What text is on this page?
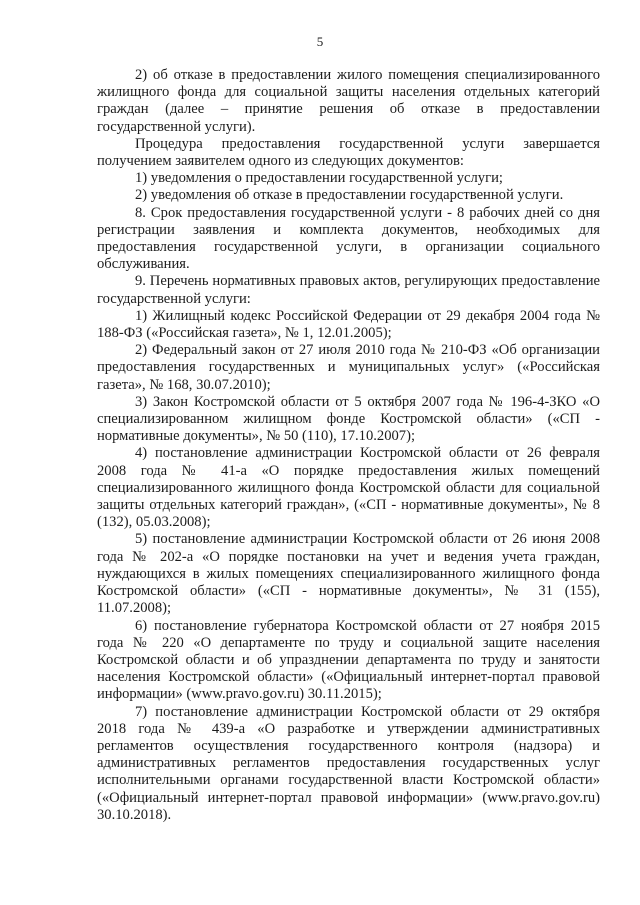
5

2) об отказе в предоставлении жилого помещения специализированного жилищного фонда для социальной защиты населения отдельных категорий граждан (далее – принятие решения об отказе в предоставлении государственной услуги).

Процедура предоставления государственной услуги завершается получением заявителем одного из следующих документов:

1) уведомления о предоставлении государственной услуги;

2) уведомления об отказе в предоставлении государственной услуги.

8. Срок предоставления государственной услуги - 8 рабочих дней со дня регистрации заявления и комплекта документов, необходимых для предоставления государственной услуги, в организации социального обслуживания.

9. Перечень нормативных правовых актов, регулирующих предоставление государственной услуги:

1) Жилищный кодекс Российской Федерации от 29 декабря 2004 года № 188-ФЗ («Российская газета», № 1, 12.01.2005);

2) Федеральный закон от 27 июля 2010 года № 210-ФЗ «Об организации предоставления государственных и муниципальных услуг» («Российская газета», № 168, 30.07.2010);

3) Закон Костромской области от 5 октября 2007 года № 196-4-ЗКО «О специализированном жилищном фонде Костромской области» («СП - нормативные документы», № 50 (110), 17.10.2007);

4) постановление администрации Костромской области от 26 февраля 2008 года № 41-а «О порядке предоставления жилых помещений специализированного жилищного фонда Костромской области для социальной защиты отдельных категорий граждан», («СП - нормативные документы», № 8 (132), 05.03.2008);

5) постановление администрации Костромской области от 26 июня 2008 года № 202-а «О порядке постановки на учет и ведения учета граждан, нуждающихся в жилых помещениях специализированного жилищного фонда Костромской области» («СП - нормативные документы», № 31 (155), 11.07.2008);

6) постановление губернатора Костромской области от 27 ноября 2015 года № 220 «О департаменте по труду и социальной защите населения Костромской области и об упразднении департамента по труду и занятости населения Костромской области» («Официальный интернет-портал правовой информации» (www.pravo.gov.ru) 30.11.2015);

7) постановление администрации Костромской области от 29 октября 2018 года № 439-а «О разработке и утверждении административных регламентов осуществления государственного контроля (надзора) и административных регламентов предоставления государственных услуг исполнительными органами государственной власти Костромской области» («Официальный интернет-портал правовой информации» (www.pravo.gov.ru) 30.10.2018).
